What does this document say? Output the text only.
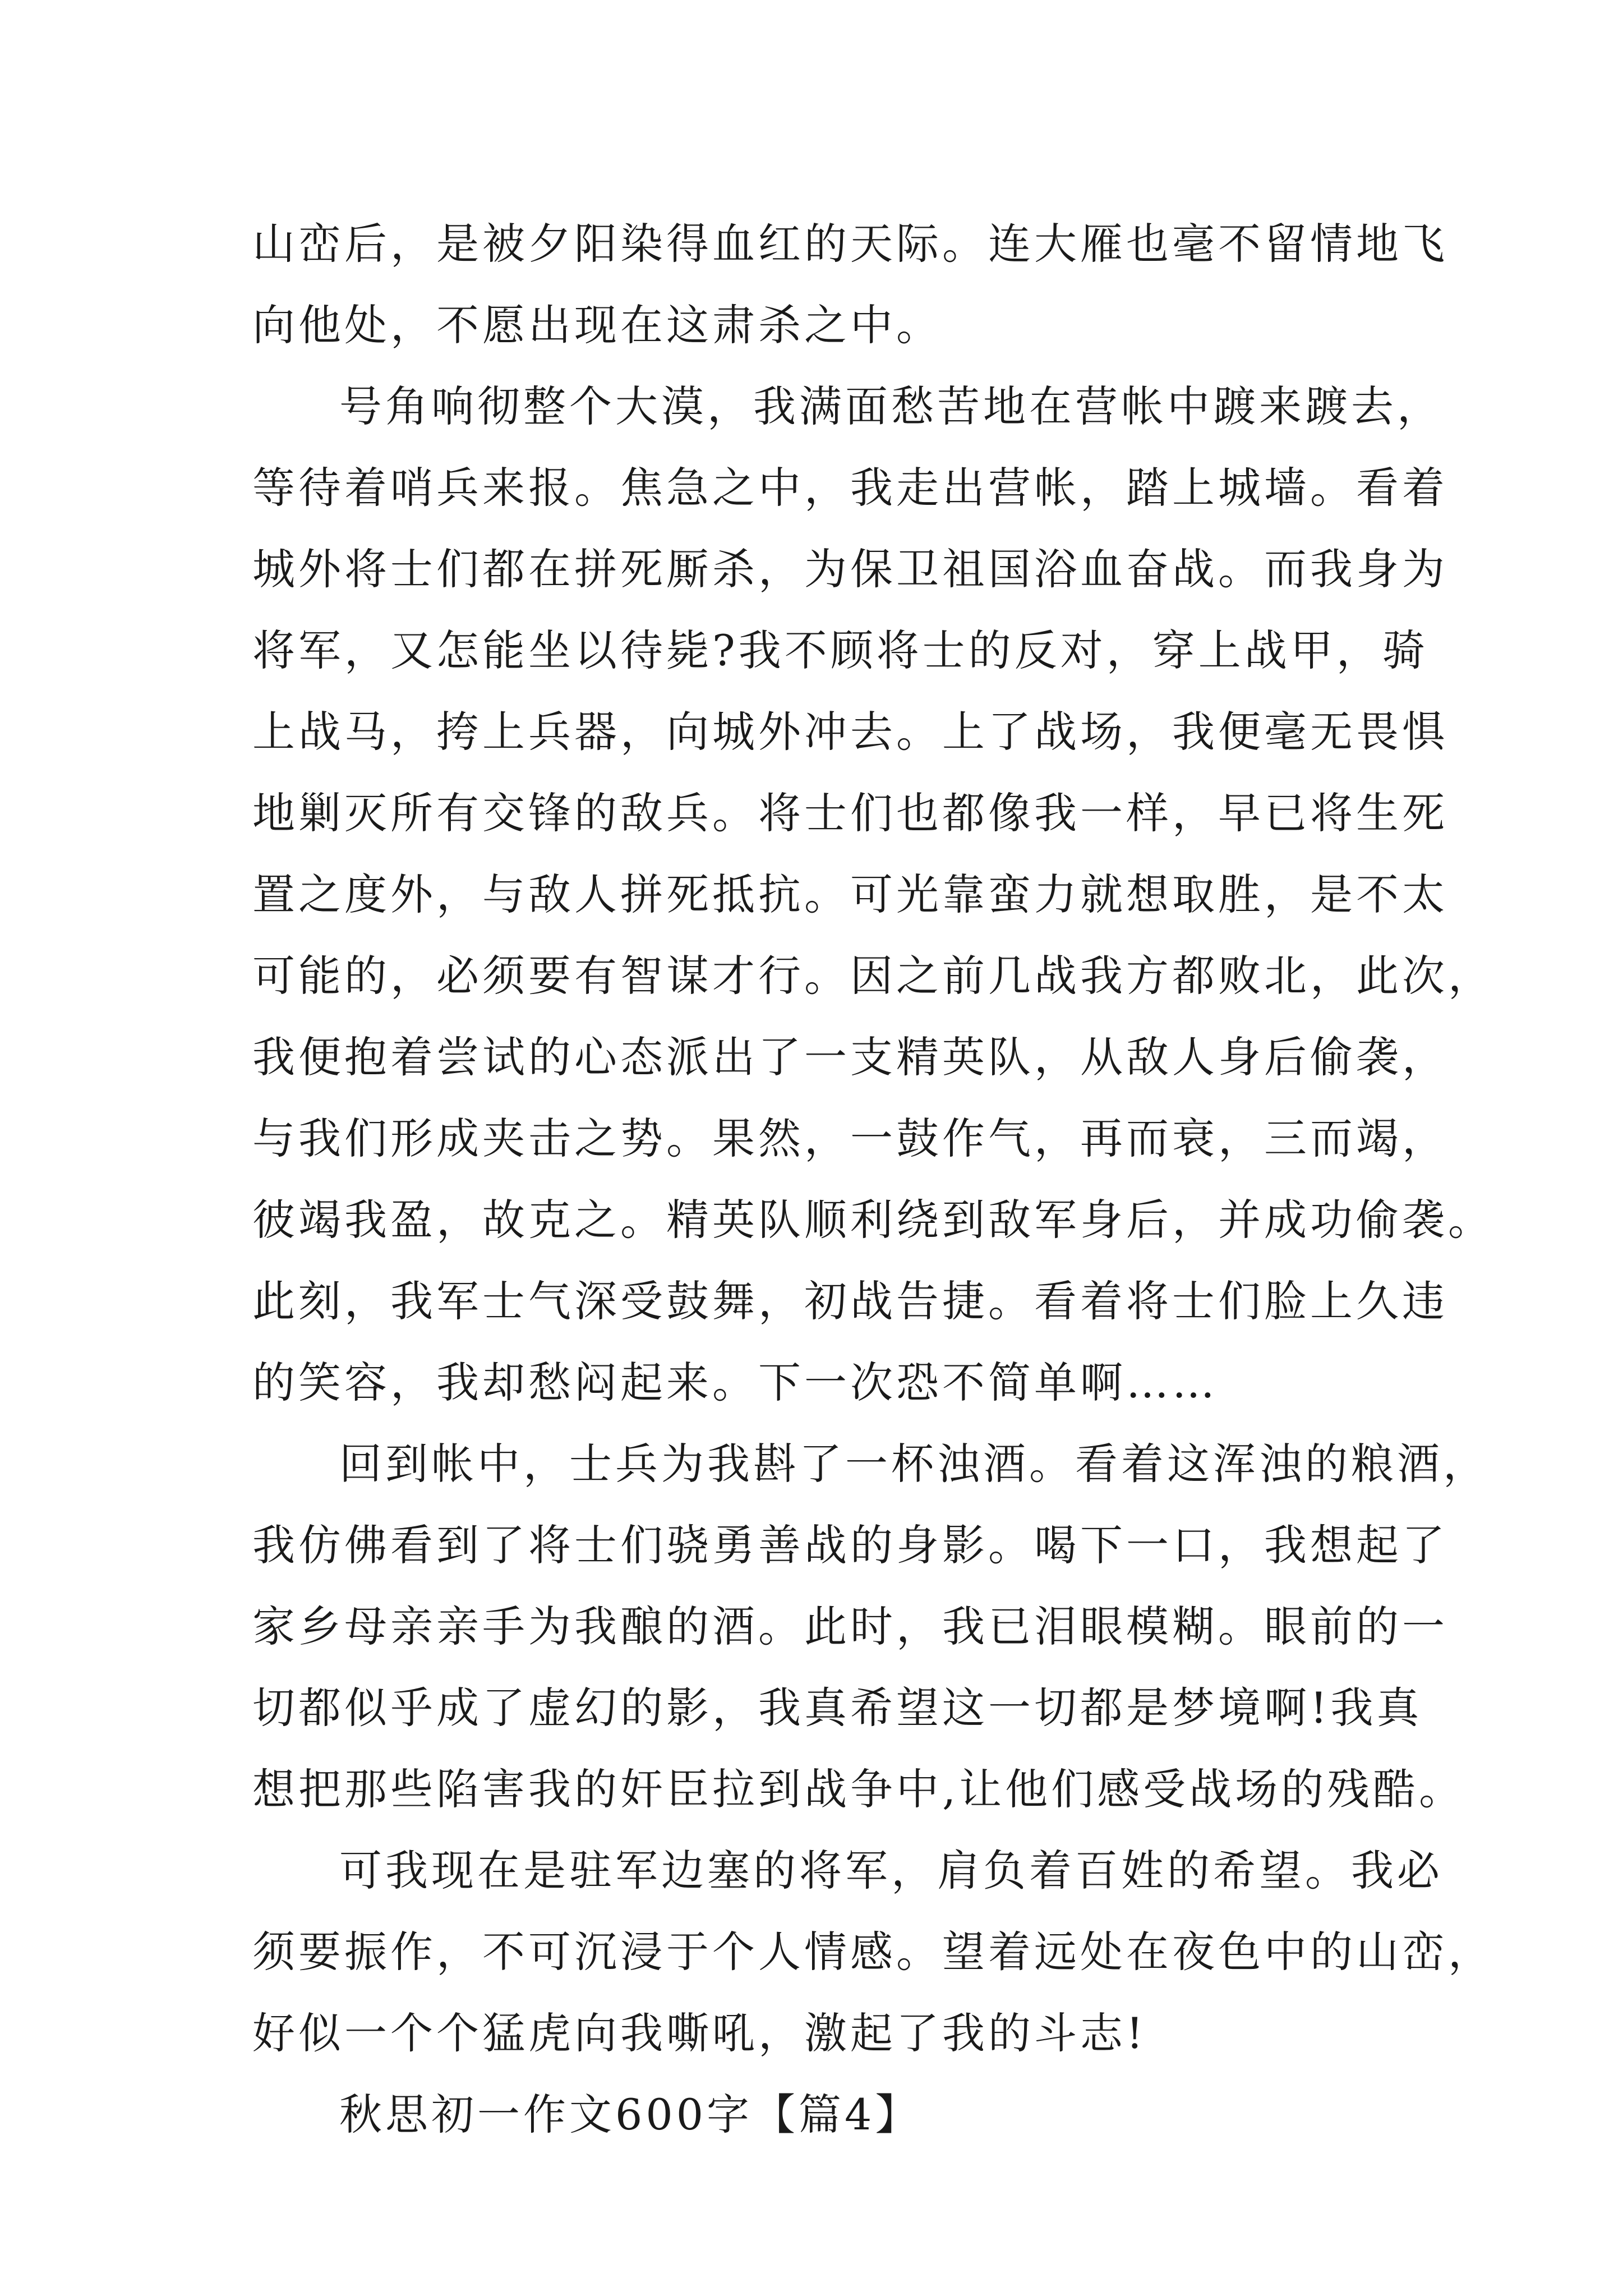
山峦后，是被夕阳染得血红的天际。连大雁也毫不留情地飞
向他处，不愿出现在这肃杀之中。
号角响彻整个大漠，我满面愁苦地在营帐中踱来踱去，
等待着哨兵来报。焦急之中，我走出营帐，踏上城墙。看着
城外将士们都在拼死厮杀，为保卫祖国浴血奋战。而我身为
将军，又怎能坐以待毙?我不顾将士的反对，穿上战甲，骑
上战马，挎上兵器，向城外冲去。上了战场，我便毫无畏惧
地剿灭所有交锋的敌兵。将士们也都像我一样，早已将生死
置之度外，与敌人拼死抵抗。可光靠蛮力就想取胜，是不太
可能的，必须要有智谋才行。因之前几战我方都败北，此次，
我便抱着尝试的心态派出了一支精英队，从敌人身后偷袭，
与我们形成夹击之势。果然，一鼓作气，再而衰，三而竭，
彼竭我盈，故克之。精英队顺利绕到敌军身后，并成功偷袭。
此刻，我军士气深受鼓舞，初战告捷。看着将士们脸上久违
的笑容，我却愁闷起来。下一次恐不简单啊……
回到帐中，士兵为我斟了一杯浊酒。看着这浑浊的粮酒，
我仿佛看到了将士们骁勇善战的身影。喝下一口，我想起了
家乡母亲亲手为我酿的酒。此时，我已泪眼模糊。眼前的一
切都似乎成了虚幻的影，我真希望这一切都是梦境啊!我真
想把那些陷害我的奸臣拉到战争中,让他们感受战场的残酷。
可我现在是驻军边塞的将军，肩负着百姓的希望。我必
须要振作，不可沉浸于个人情感。望着远处在夜色中的山峦，
好似一个个猛虎向我嘶吼，激起了我的斗志!
秋思初一作文600字【篇4】
